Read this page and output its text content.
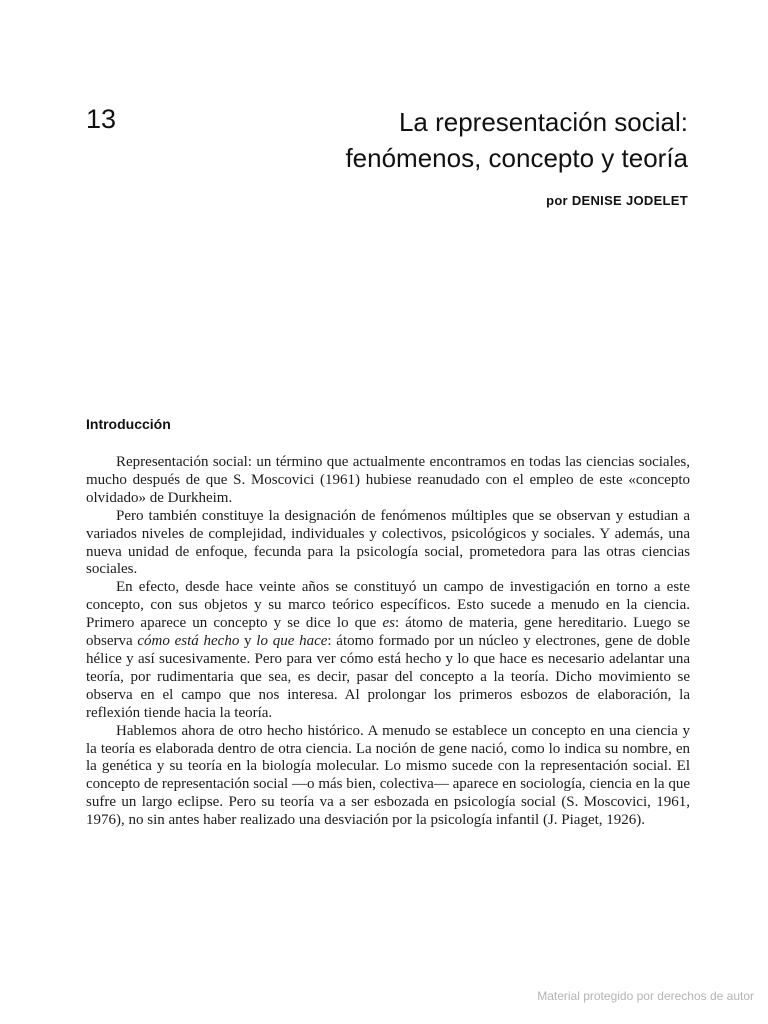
13	La representación social:
fenómenos, concepto y teoría
por DENISE JODELET
Introducción

Representación social: un término que actualmente encontramos en todas las ciencias sociales, mucho después de que S. Moscovici (1961) hubiese reanudado con el empleo de este «concepto olvidado» de Durkheim.

Pero también constituye la designación de fenómenos múltiples que se observan y estudian a variados niveles de complejidad, individuales y colectivos, psicológicos y sociales. Y además, una nueva unidad de enfoque, fecunda para la psicología social, prometedora para las otras ciencias sociales.

En efecto, desde hace veinte años se constituyó un campo de investigación en torno a este concepto, con sus objetos y su marco teórico específicos. Esto sucede a menudo en la ciencia. Primero aparece un concepto y se dice lo que es: átomo de materia, gene hereditario. Luego se observa cómo está hecho y lo que hace: átomo formado por un núcleo y electrones, gene de doble hélice y así sucesivamente. Pero para ver cómo está hecho y lo que hace es necesario adelantar una teoría, por rudimentaria que sea, es decir, pasar del concepto a la teoría. Dicho movimiento se observa en el campo que nos interesa. Al prolongar los primeros esbozos de elaboración, la reflexión tiende hacia la teoría.

Hablemos ahora de otro hecho histórico. A menudo se establece un concepto en una ciencia y la teoría es elaborada dentro de otra ciencia. La noción de gene nació, como lo indica su nombre, en la genética y su teoría en la biología molecular. Lo mismo sucede con la representación social. El concepto de representación social —o más bien, colectiva— aparece en sociología, ciencia en la que sufre un largo eclipse. Pero su teoría va a ser esbozada en psicología social (S. Moscovici, 1961, 1976), no sin antes haber realizado una desviación por la psicología infantil (J. Piaget, 1926).

Material protegido por derechos de autor
